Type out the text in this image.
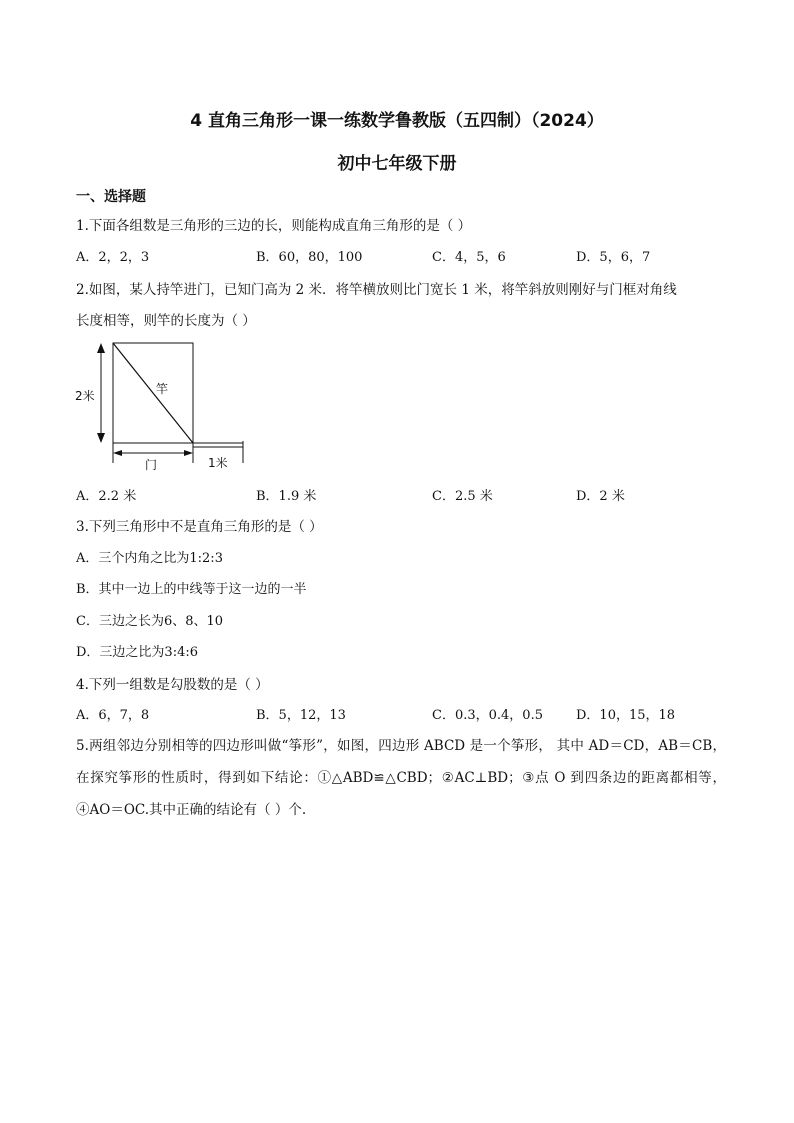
4 直角三角形一课一练数学鲁教版（五四制）（2024）
初中七年级下册
一、选择题
1.下面各组数是三角形的三边的长，则能构成直角三角形的是（ ）
A．2，2，3	B．60，80，100	C．4，5，6	D．5，6，7
2.如图，某人持竿进门，已知门高为 2 米．将竿横放则比门宽长 1 米，将竿斜放则刚好与门框对角线
长度相等，则竿的长度为（ ）
2米	竿
门	1米
A．2.2 米	B．1.9 米	C．2.5 米	D．2 米
3.下列三角形中不是直角三角形的是（ ）
A．三个内角之比为1:2:3
B．其中一边上的中线等于这一边的一半
C．三边之长为6、8、10
D．三边之比为3:4:6
4.下列一组数是勾股数的是（ ）
A．6，7，8	B．5，12，13	C．0.3，0.4，0.5	D．10，15，18
5.两组邻边分别相等的四边形叫做“筝形”，如图，四边形 ABCD 是一个筝形， 其中 AD＝CD，AB＝CB，在探究筝形的性质时，得到如下结论：①△ABD≌△CBD；②AC⊥BD；③点 O 到四条边的距离都相等，④AO＝OC.其中正确的结论有（ ）个.
